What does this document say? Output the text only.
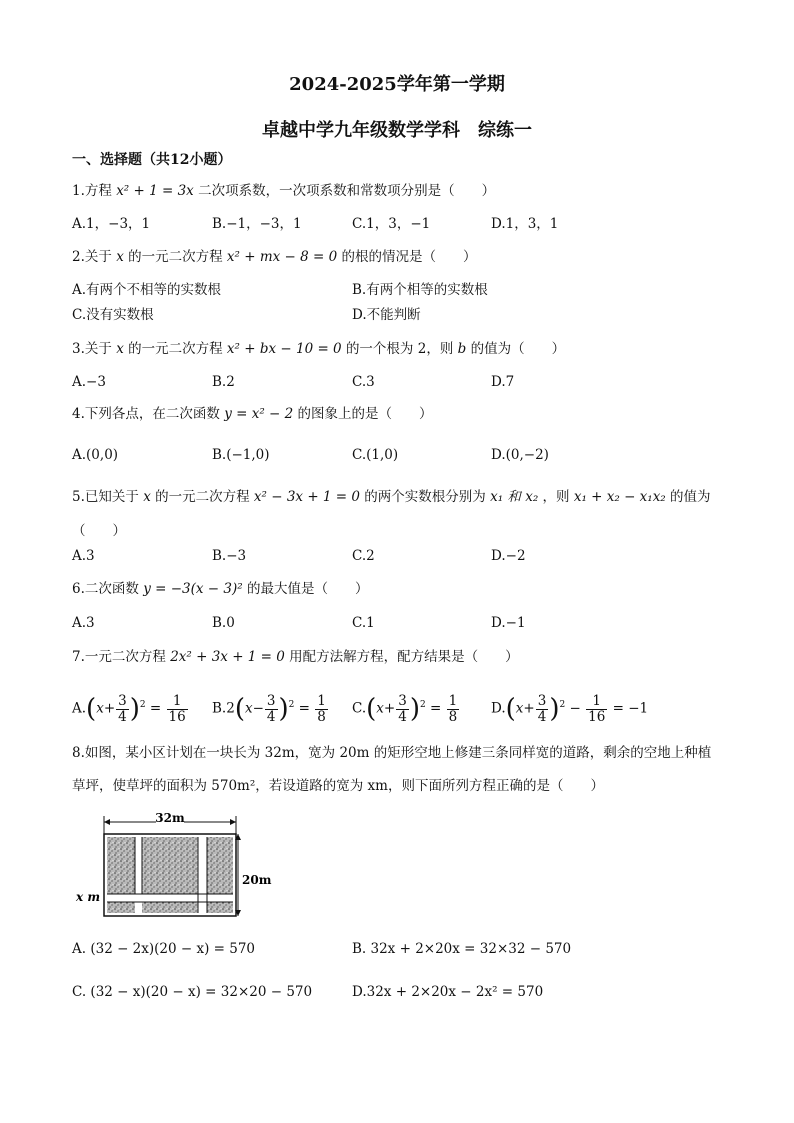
2024-2025学年第一学期
卓越中学九年级数学学科　综练一
一、选择题（共12小题）
1.方程 x² + 1 = 3x 二次项系数，一次项系数和常数项分别是（　　）
A.1，−3，1	B.−1，−3，1	C.1，3，−1	D.1，3，1
2.关于 x 的一元二次方程 x² + mx − 8 = 0 的根的情况是（　　）
A.有两个不相等的实数根	B.有两个相等的实数根
C.没有实数根	D.不能判断
3.关于 x 的一元二次方程 x² + bx − 10 = 0 的一个根为 2，则 b 的值为（　　）
A.−3	B.2	C.3	D.7
4.下列各点，在二次函数 y = x² − 2 的图象上的是（　　）
A.(0,0)	B.(−1,0)	C.(1,0)	D.(0,−2)
5.已知关于 x 的一元二次方程 x² − 3x + 1 = 0 的两个实数根分别为 x₁ 和 x₂ ，则 x₁ + x₂ − x₁x₂ 的值为
（　　）
A.3	B.−3	C.2	D.−2
6.二次函数 y = −3(x − 3)² 的最大值是（　　）
A.3	B.0	C.1	D.−1
7.一元二次方程 2x² + 3x + 1 = 0 用配方法解方程，配方结果是（　　）
$A.(x+ \frac{3}{4} )^2 = \frac{1}{16} B.2(x- \frac{3}{4} )^2 = \frac{1}{8} C.(x+ \frac{3}{4} )^2 = \frac{1}{8} D.(x+ \frac{3}{4} )^2 - \frac{1}{16} = -1$
8.如图，某小区计划在一块长为 32m，宽为 20m 的矩形空地上修建三条同样宽的道路，剩余的空地上种植
草坪，使草坪的面积为 570m²，若设道路的宽为 xm，则下面所列方程正确的是（　　）
32m
20m
x m
A. (32 − 2x)(20 − x) = 570	B. 32x + 2×20x = 32×32 − 570
C. (32 − x)(20 − x) = 32×20 − 570	D.32x + 2×20x − 2x² = 570
